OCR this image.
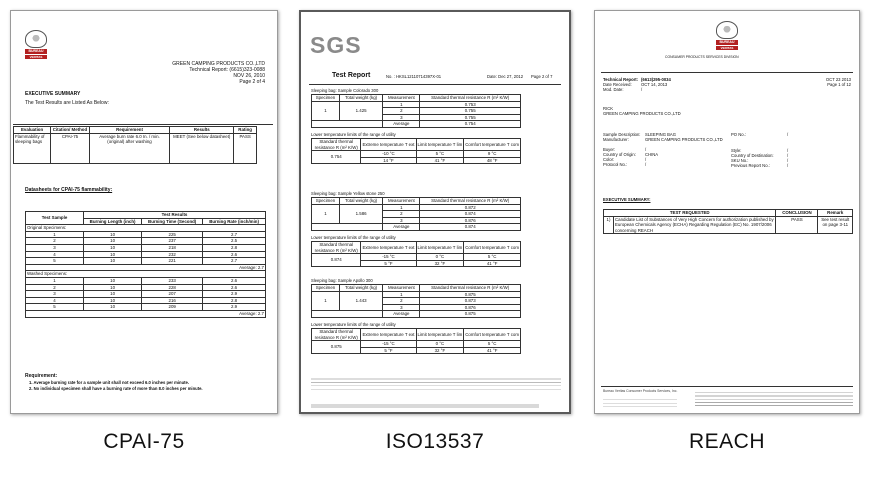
BUREAU
VERITAS
GREEN CAMPING PRODUCTS CO.,LTD
Technical Report: (6615)323-0088
NOV 26, 2010
Page 2 of 4
EXECUTIVE SUMMARY
The Test Results are Listed As Below:
Evaluation	Citation/ Method	Requirement	Results	Rating
Flammability of sleeping bags	CPAI-75	Average burn rate 6.0 In. / min. (original) after washing	MEET (See below datasheet)	PASS
Datasheets for CPAI-75 flammability:
Test Sample	Test Results		
	Burning Length (inch)	Burning Time (Second)	Burning Rate (inch/min)
Original Specimens:			
1	10	225	2.7
2	10	237	2.5
3	10	218	2.8
4	10	232	2.6
5	10	221	2.7
Average: 2.7			
Washed Specimens:			
1	10	233	2.6
2	10	228	2.6
3	10	207	2.9
4	10	216	2.8
5	10	209	2.9
Average: 2.7			
Requirement:
1. Average burning rate for a sample unit shall not exceed 6.0 inches per minute.
2. No individual specimen shall have a burning rate of more than 8.0 inches per minute.
SGS
Test Report	No. : HKSL12110714397X-01	Date: Dec 27, 2012 Page 2 of 7
Sleeping bag: Sample Colorado 300
Specimen	Total weight (kg)	Measurement	Standard thermal resistance R (m² K/W)
1	1.425	1	0.753
		2	0.755
		3	0.755
		Average	0.754
Lower temperature limits of the range of utility
Standard thermal resistance R (m² K/W)	Extreme temperature T ext	Limit temperature T lim	Comfort temperature T com
0.754	-10 °C	5 °C	9 °C
	14 °F	41 °F	48 °F
Sleeping bag: Sample Yellow stone 250
Specimen	Total weight (kg)	Measurement	Standard thermal resistance R (m² K/W)
1	1.586	1	0.872
		2	0.874
		3	0.876
		Average	0.874
Lower temperature limits of the range of utility
Standard thermal resistance R (m² K/W)	Extreme temperature T ext	Limit temperature T lim	Comfort temperature T com
0.874	-15 °C	0 °C	5 °C
	5 °F	32 °F	41 °F
Sleeping bag: Sample Apollo 300
Specimen	Total weight (kg)	Measurement	Standard thermal resistance R (m² K/W)
1	1.443	1	0.875
		2	0.873
		3	0.876
		Average	0.875
Lower temperature limits of the range of utility
Standard thermal resistance R (m² K/W)	Extreme temperature T ext	Limit temperature T lim	Comfort temperature T com
0.875	-15 °C	0 °C	5 °C
	5 °F	32 °F	41 °F
BUREAU
VERITAS
CONSUMER PRODUCTS SERVICES DIVISION
Technical Report: (6613)295-0034
Date Received: OCT 14, 2013
Mod. Date:	/
OCT 23 2013
Page 1 of 12
RICK
GREEN CAMPING PRODUCTS CO.,LTD
Sample Description: SLEEPING BAG
Manufacturer:	GREEN CAMPING PRODUCTS CO.,LTD
Buyer:	/
Country of Origin: CHINA
Color:	/
Protocol No.:	/
PO No.:	/
Style:	/
Country of Destination:	/
SKU No.:	/
Previous Report No.:	/
EXECUTIVE SUMMARY:
TEST REQUESTED		CONCLUSION	Remark
1)	Candidate List of Substances of Very High Concern for authorization published by European Chemicals Agency (ECHA) Regarding Regulation (EC) No. 1907/2006 concerning REACH	PASS	See test result on page 3-11
Bureau Veritas Consumer Products Services, Inc.
CPAI-75	ISO13537	REACH
